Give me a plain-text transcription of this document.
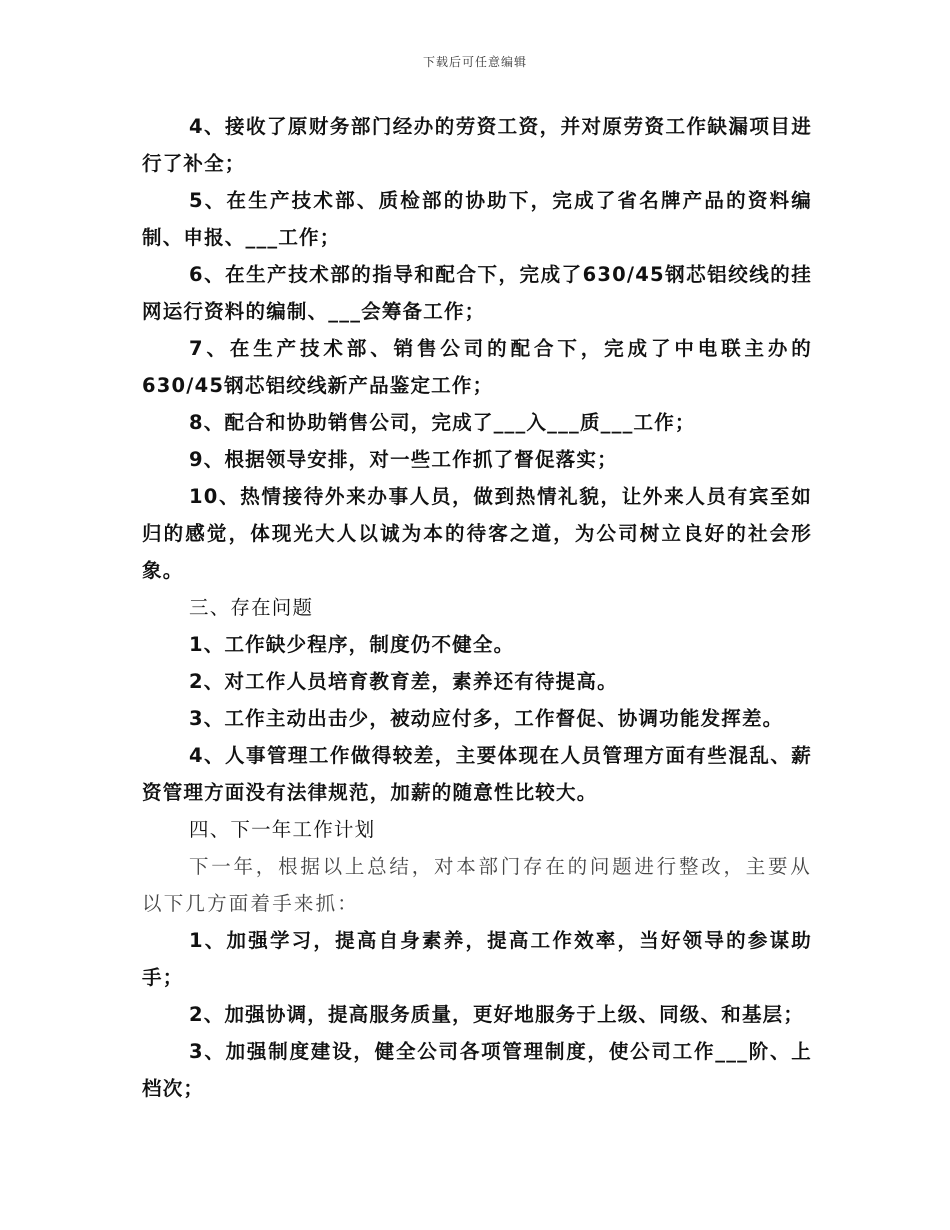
下载后可任意编辑

4、接收了原财务部门经办的劳资工资，并对原劳资工作缺漏项目进行了补全；

5、在生产技术部、质检部的协助下，完成了省名牌产品的资料编制、申报、___工作；

6、在生产技术部的指导和配合下，完成了630/45钢芯铝绞线的挂网运行资料的编制、___会筹备工作；

7、在生产技术部、销售公司的配合下，完成了中电联主办的630/45钢芯铝绞线新产品鉴定工作；

8、配合和协助销售公司，完成了___入___质___工作；

9、根据领导安排，对一些工作抓了督促落实；

10、热情接待外来办事人员，做到热情礼貌，让外来人员有宾至如归的感觉，体现光大人以诚为本的待客之道，为公司树立良好的社会形象。

三、存在问题

1、工作缺少程序，制度仍不健全。

2、对工作人员培育教育差，素养还有待提高。

3、工作主动出击少，被动应付多，工作督促、协调功能发挥差。

4、人事管理工作做得较差，主要体现在人员管理方面有些混乱、薪资管理方面没有法律规范，加薪的随意性比较大。

四、下一年工作计划

下一年，根据以上总结，对本部门存在的问题进行整改，主要从以下几方面着手来抓：

1、加强学习，提高自身素养，提高工作效率，当好领导的参谋助手；

2、加强协调，提高服务质量，更好地服务于上级、同级、和基层；

3、加强制度建设，健全公司各项管理制度，使公司工作___阶、上档次；
